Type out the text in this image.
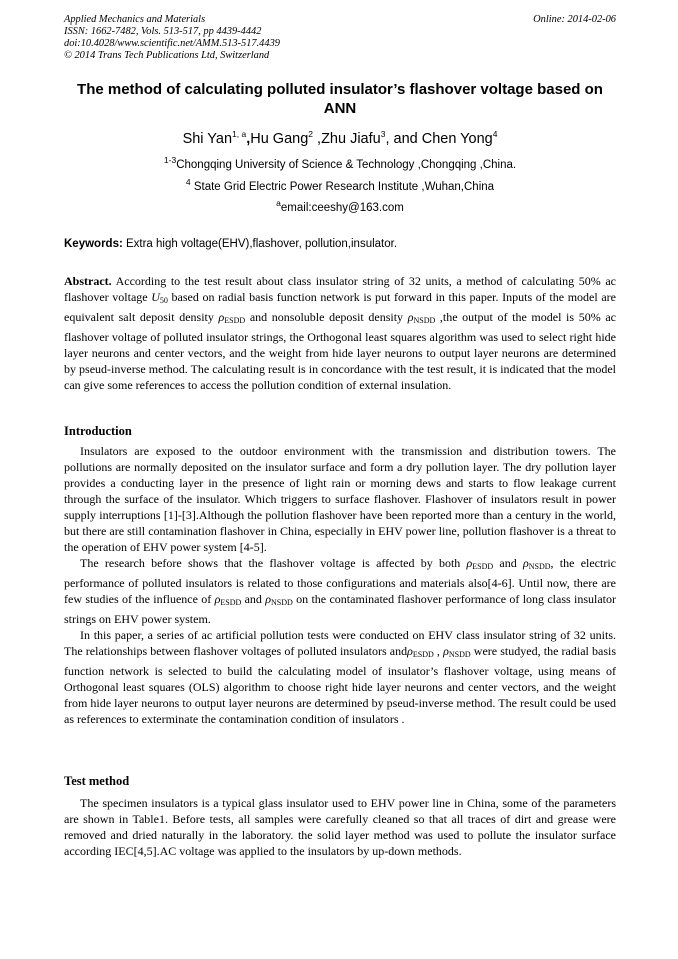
Applied Mechanics and Materials
ISSN: 1662-7482, Vols. 513-517, pp 4439-4442
doi:10.4028/www.scientific.net/AMM.513-517.4439
© 2014 Trans Tech Publications Ltd, Switzerland
Online: 2014-02-06
The method of calculating polluted insulator’s flashover voltage based on ANN
Shi Yan$^{1, a}$,Hu Gang$^2$ ,Zhu Jiafu$^3$, and Chen Yong$^4$
$^{1-3}$Chongqing University of Science & Technology ,Chongqing ,China.
$^4$ State Grid Electric Power Research Institute ,Wuhan,China
$^a$email:ceeshy@163.com
Keywords: Extra high voltage(EHV),flashover, pollution,insulator.

Abstract. According to the test result about class insulator string of 32 units, a method of calculating 50% ac flashover voltage $U_{50}$ based on radial basis function network is put forward in this paper. Inputs of the model are equivalent salt deposit density $\rho_{ESDD}$ and nonsoluble deposit density $\rho_{NSDD}$ ,the output of the model is 50% ac flashover voltage of polluted insulator strings, the Orthogonal least squares algorithm was used to select right hide layer neurons and center vectors, and the weight from hide layer neurons to output layer neurons are determined by pseud-inverse method. The calculating result is in concordance with the test result, it is indicated that the model can give some references to access the pollution condition of external insulation.

Introduction

Insulators are exposed to the outdoor environment with the transmission and distribution towers. The pollutions are normally deposited on the insulator surface and form a dry pollution layer. The dry pollution layer provides a conducting layer in the presence of light rain or morning dews and starts to flow leakage current through the surface of the insulator. Which triggers to surface flashover. Flashover of insulators result in power supply interruptions [1]-[3].Although the pollution flashover have been reported more than a century in the world, but there are still contamination flashover in China, especially in EHV power line, pollution flashover is a threat to the operation of EHV power system [4-5].

The research before shows that the flashover voltage is affected by both $\rho_{ESDD}$ and $\rho_{NSDD}$, the electric performance of polluted insulators is related to those configurations and materials also[4-6]. Until now, there are few studies of the influence of $\rho_{ESDD}$ and $\rho_{NSDD}$ on the contaminated flashover performance of long class insulator strings on EHV power system.

In this paper, a series of ac artificial pollution tests were conducted on EHV class insulator string of 32 units. The relationships between flashover voltages of polluted insulators andρ$_{ESDD}$ , $\rho_{NSDD}$ were studyed, the radial basis function network is selected to build the calculating model of insulator’s flashover voltage, using means of Orthogonal least squares (OLS) algorithm to choose right hide layer neurons and center vectors, and the weight from hide layer neurons to output layer neurons are determined by pseud-inverse method. The result could be used as references to exterminate the contamination condition of insulators .

Test method

The specimen insulators is a typical glass insulator used to EHV power line in China, some of the parameters are shown in Table1. Before tests, all samples were carefully cleaned so that all traces of dirt and grease were removed and dried naturally in the laboratory. the solid layer method was used to pollute the insulator surface according IEC[4,5].AC voltage was applied to the insulators by up-down methods.
